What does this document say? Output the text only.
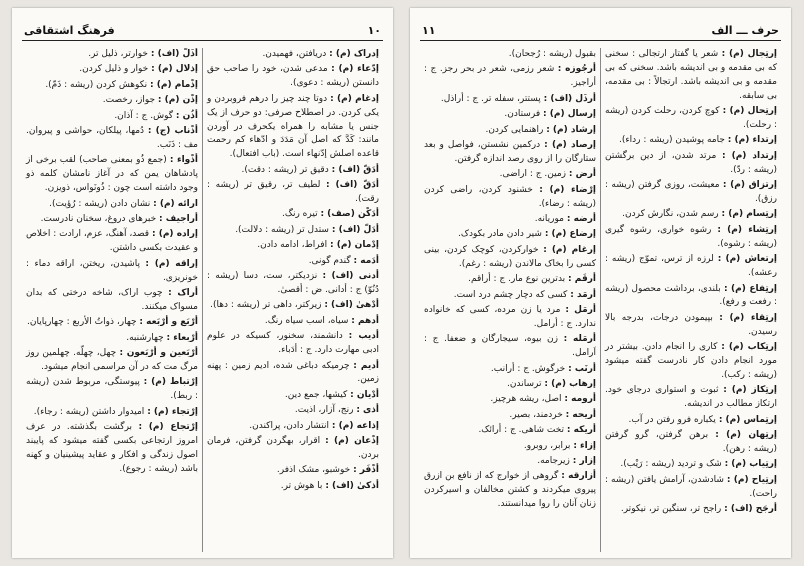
١٠
فرهنگ اشتقاقی

إدراک (م) : دریافتن، فهمیدن.

إدّعاء (م) : مدعی شدن، خود را صاحب حق دانستن (ریشه : دعوی).

إدغام (م) : دوتا چند چیز را درهم فروبردن و یکی کردن. در اصطلاح صرفی: دو حرف از یک جنس یا مشابه را همراه یکحرف در آوردن مانند: کَدَّ که اصل آن مَدَدَ و ادّهاء کم رحمت قاعده اصلش إدّنهاء است. (باب افتعال).

أدَقّ (اف) : دقیق تر (ریشه : دقت).

أدَقّ (اف) : لطیف تر، رقیق تر (ریشه : رقت).

أدَکْن (صف) : تیره رنگ.

أدَلّ (اف) : ستدل تر (ریشه : دلالت).

إدْمان (م) : افراط، ادامه دادن.

أدَمه : گندم گونی.

أدنی (اف) : نزدیکتر، ست، دسا (ریشه : دُنُوّ) ج : أدانی. ض : أقصیٰ.

أدْهیٰ (اف) : زیرکتر، داهی تر (ریشه : دها).

أدهم : سیاه، اسب سیاه رنگ.

أدیب : دانشمند، سخنور، کسیکه در علوم ادبی مهارت دارد. ج : أدَباء.

أدیم : چرمیکه دباغی شده، ادیم زمین : پهنه زمین.

أدْیان : کیشها، جمع دین.

أذی : رنج، آزار، اذیت.

إذاعه (م) : انتشار دادن، پراکندن.

إذْعان (م) : اقرار، بهگردن گرفتن، فرمان بردن.

أذْفَر : خوشبو، مشک اذفر.

أذکیٰ (اف) : با هوش تر.

أذَلّ (اف) : خوارتر، ذلیل تر.

إذلال (م) : خوار و ذلیل کردن.

إذْمام (م) : نکوهش کردن (ریشه : ذَمّ).

إذْن (م) : جواز، رخصت.

أذُن : گوش. ج : آذان.

أذْناب (ج) : دُمها، پیلکان، حواشی و پیروان. مف : ذَنَب.

أذْواء : (جمع ذُو بمعنی صاحب) لقب برخی از پادشاهان یمن که در آغاز نامشان کلمه ذو وجود داشته است چون : ذُونَواس، ذویزن.

ارائه (م) : نشان دادن (ریشه : رُؤیت).

أراجیف : خبرهای دروغ، سخنان نادرست.

إراده (م) : قصد، آهنگ، عزم، ارادت : اخلاص و عقیدت بکسی داشتن.

إراقه (م) : پاشیدن، ریختن، اراقه دماء : خونریزی.

أراک : چوب اراک، شاخه درختی که بدان مسواک میکنند.

أرْبَع و أرْبَعه : چهار، ذواتُ الأربع : چهارپایان.

أرْبعاء : چهارشنبه.

أرْبَعین و أرْبَعون : چهل، چهلّه. چهلمین روز مرگ مت که در آن مراسمی انجام میشود.

إرْتباط (م) : پیوستگی، مربوط شدن (ریشه : ربط).

إرْتجاء (م) : امیدوار داشتن (ریشه : رجاء).

إرْتجاع (م) : برگشت بگذشته. در عرف امروز ارتجاعی بکسی گفته میشود که پایبند اصول زندگی و افکار و عقاید پیشینیان و کهنه باشد (ریشه : رجوع).

حرف ـــ الف
١١

إرتِجال (م) : شعر یا گفتار ارتجالی : سخنی که بی مقدمه و بی اندیشه باشد. سخنی که بی مقدمه و بی اندیشه باشد. ارتجالاً : بی مقدمه، بی سابقه.

إرتِحال (م) : کوچ کردن، رحلت کردن (ریشه : رحلت).

إرتداء (م) : جامه پوشیدن (ریشه : رداء).

إرتداد (م) : مرتد شدن، از دین برگشتن (ریشه : ردّ).

إرتزاق (م) : معیشت، روزی گرفتن (ریشه : رزق).

إرتِسام (م) : رسم شدن، نگارش کردن.

إرتِشاء (م) : رشوه خواری، رشوه گیری (ریشه : رشوه).

إرتعاش (م) : لرزه از ترس، تموّج (ریشه : رعشه).

إرتِفاع (م) : بلندی، برداشت محصول (ریشه : رفعت و رفع).

إرتِقاء (م) : بپیمودن درجات، بدرجه بالا رسیدن.

إرتِکاب (م) : کاری را انجام دادن. بیشتر در مورد انجام دادن کار نادرست گفته میشود (ریشه : رکب).

إرتِکاز (م) : ثبوت و استواری درجای خود. ارتکاز مطالب در اندیشه.

إرتِماس (م) : یکباره فرو رفتن در آب.

إرتِهان (م) : برهن گرفتن، گرو گرفتن (ریشه : رهن).

إرتِیاب (م) : شک و تردید (ریشه : رَیْب).

إرتِیاح (م) : شادشدن، آرامش یافتن (ریشه : راحت).

أرجَح (اف) : راجح تر، سنگین تر، نیکوتر.

بقبول (ریشه : رُجحان).

أرجُوزه : شعر رزمی، شعر در بحر رجز. ج : أراجیز.

أرذَل (اف) : پستتر، سفله تر. ج : أراذل.

إرسال (م) : فرستادن.

إرشاد (م) : راهنمایی کردن.

إرصاد (م) : درکمین نشستن، فواصل و بعد ستارگان را از روی رصد اندازه گرفتن.

أرض : زمین. ج : اراضی.

إرْضاء (م) : خشنود کردن، راضی کردن (ریشه : رضاء).

أرضه : موریانه.

إرضاع (م) : شیر دادن مادر بکودک.

إرغام (م) : خوارکردن، کوچک کردن، بینی کسی را بخاک مالاندن (ریشه : رغم).

أرقَم : بدترین نوع مار. ج : أراقم.

أرمَد : کسی که دچار چشم درد است.

أرمَل : مرد یا زن مرده، کسی که خانواده ندارد. ج : أرامل.

أرمَله : زن بیوه، سیجارگان و ضعفا. ج : اَرامل.

أرنَب : خرگوش. ج : أرانب.

إرهاب (م) : ترساندن.

أرومه : اصل، ریشه هرچیز.

أریحه : خردمند، بصیر.

أریکه : تخت شاهی. ج : أرائک.

إزاء : برابر، روبرو.

إزار : زیرجامه.

أزارقه : گروهی از خوارج که از نافع بن ازرق پیروی میکردند و کشتن مخالفان و اسیرکردن زنان آنان را روا میدانستند.
